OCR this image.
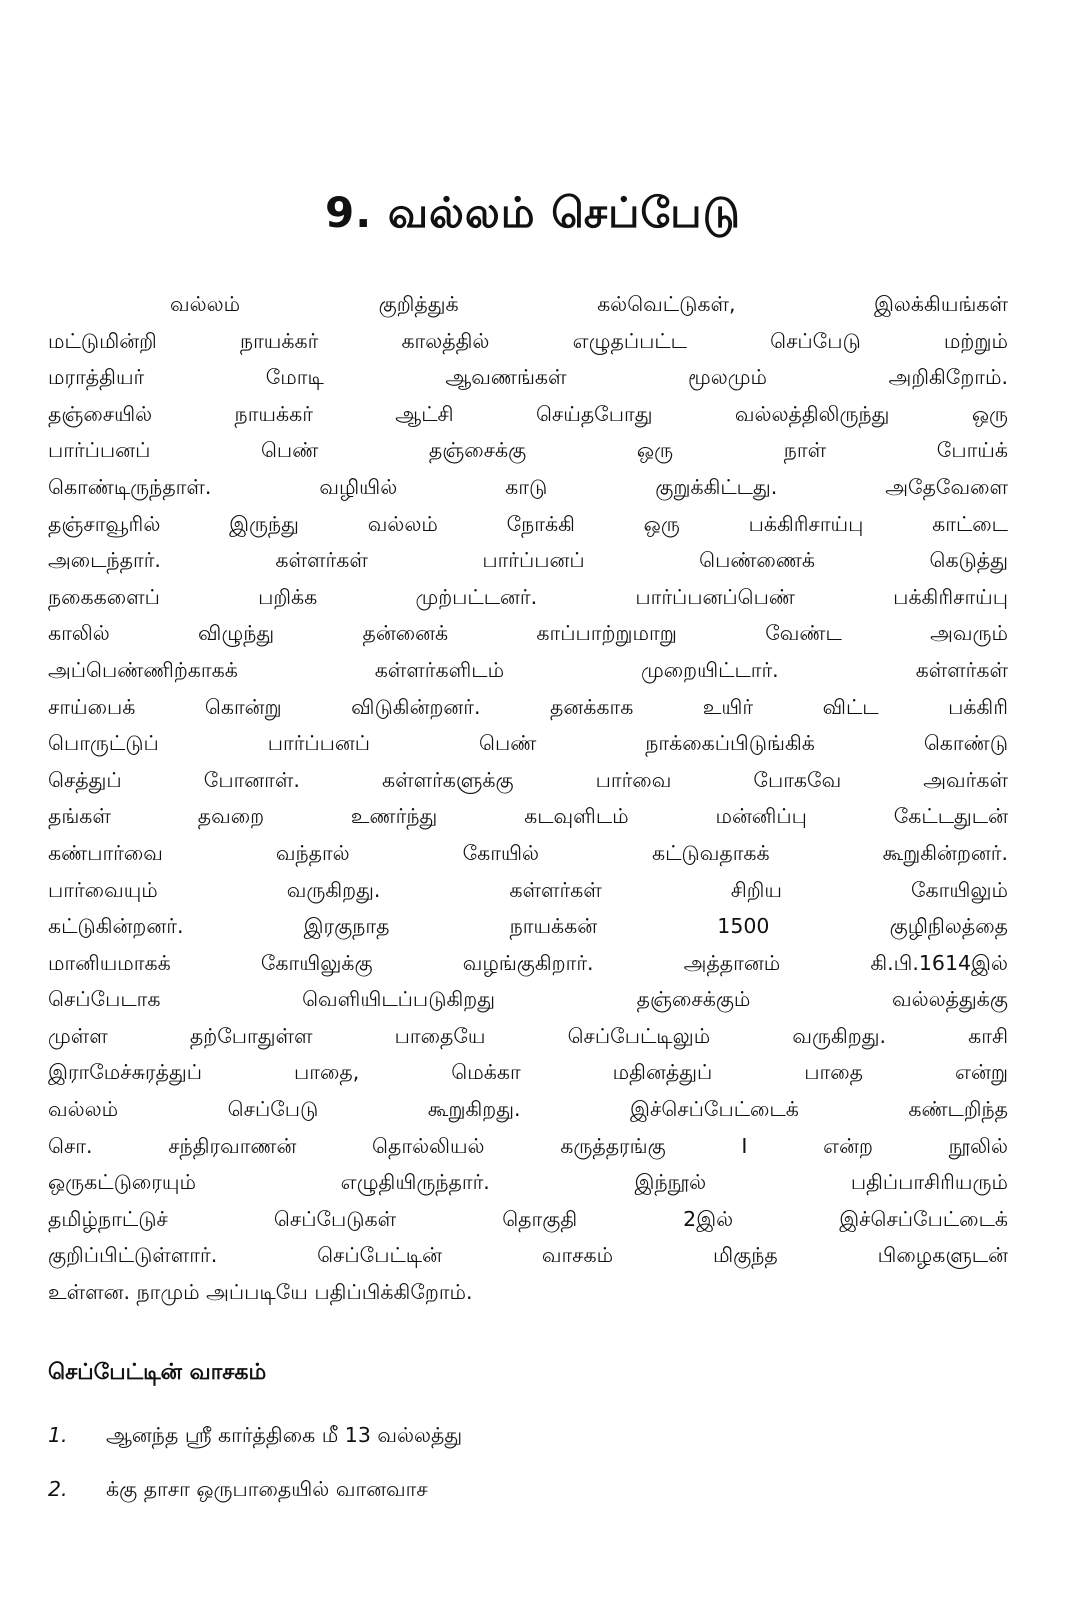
9. வல்லம் செப்பேடு
வல்லம் குறித்துக் கல்வெட்டுகள், இலக்கியங்கள்
மட்டுமின்றி நாயக்கர் காலத்தில் எழுதப்பட்ட செப்பேடு மற்றும்
மராத்தியர் மோடி ஆவணங்கள் மூலமும் அறிகிறோம்.
தஞ்சையில் நாயக்கர் ஆட்சி செய்தபோது வல்லத்திலிருந்து ஒரு
பார்ப்பனப் பெண் தஞ்சைக்கு ஒரு நாள் போய்க்
கொண்டிருந்தாள். வழியில் காடு குறுக்கிட்டது. அதேவேளை
தஞ்சாவூரில் இருந்து வல்லம் நோக்கி ஒரு பக்கிரிசாய்பு காட்டை
அடைந்தார். கள்ளர்கள் பார்ப்பனப் பெண்ணைக் கெடுத்து
நகைகளைப் பறிக்க முற்பட்டனர். பார்ப்பனப்பெண் பக்கிரிசாய்பு
காலில் விழுந்து தன்னைக் காப்பாற்றுமாறு வேண்ட அவரும்
அப்பெண்ணிற்காகக் கள்ளர்களிடம் முறையிட்டார். கள்ளர்கள்
சாய்பைக் கொன்று விடுகின்றனர். தனக்காக உயிர் விட்ட பக்கிரி
பொருட்டுப் பார்ப்பனப் பெண் நாக்கைப்பிடுங்கிக் கொண்டு
செத்துப் போனாள். கள்ளர்களுக்கு பார்வை போகவே அவர்கள்
தங்கள் தவறை உணர்ந்து கடவுளிடம் மன்னிப்பு கேட்டதுடன்
கண்பார்வை வந்தால் கோயில் கட்டுவதாகக் கூறுகின்றனர்.
பார்வையும் வருகிறது. கள்ளர்கள் சிறிய கோயிலும்
கட்டுகின்றனர். இரகுநாத நாயக்கன் 1500 குழிநிலத்தை
மானியமாகக் கோயிலுக்கு வழங்குகிறார். அத்தானம் கி.பி.1614இல்
செப்பேடாக வெளியிடப்படுகிறது தஞ்சைக்கும் வல்லத்துக்கு
முள்ள தற்போதுள்ள பாதையே செப்பேட்டிலும் வருகிறது. காசி
இராமேச்சுரத்துப் பாதை, மெக்கா மதினத்துப் பாதை என்று
வல்லம் செப்பேடு கூறுகிறது. இச்செப்பேட்டைக் கண்டறிந்த
சொ. சந்திரவாணன் தொல்லியல் கருத்தரங்கு I என்ற நூலில்
ஒருகட்டுரையும் எழுதியிருந்தார். இந்நூல் பதிப்பாசிரியரும்
தமிழ்நாட்டுச் செப்பேடுகள் தொகுதி 2இல் இச்செப்பேட்டைக்
குறிப்பிட்டுள்ளார். செப்பேட்டின் வாசகம் மிகுந்த பிழைகளுடன்
உள்ளன. நாமும் அப்படியே பதிப்பிக்கிறோம்.
செப்பேட்டின் வாசகம்
1.	ஆனந்த ஸ்ரீ கார்த்திகை மீ 13 வல்லத்து
2.	க்கு தாசா ஒருபாதையில் வானவாச
